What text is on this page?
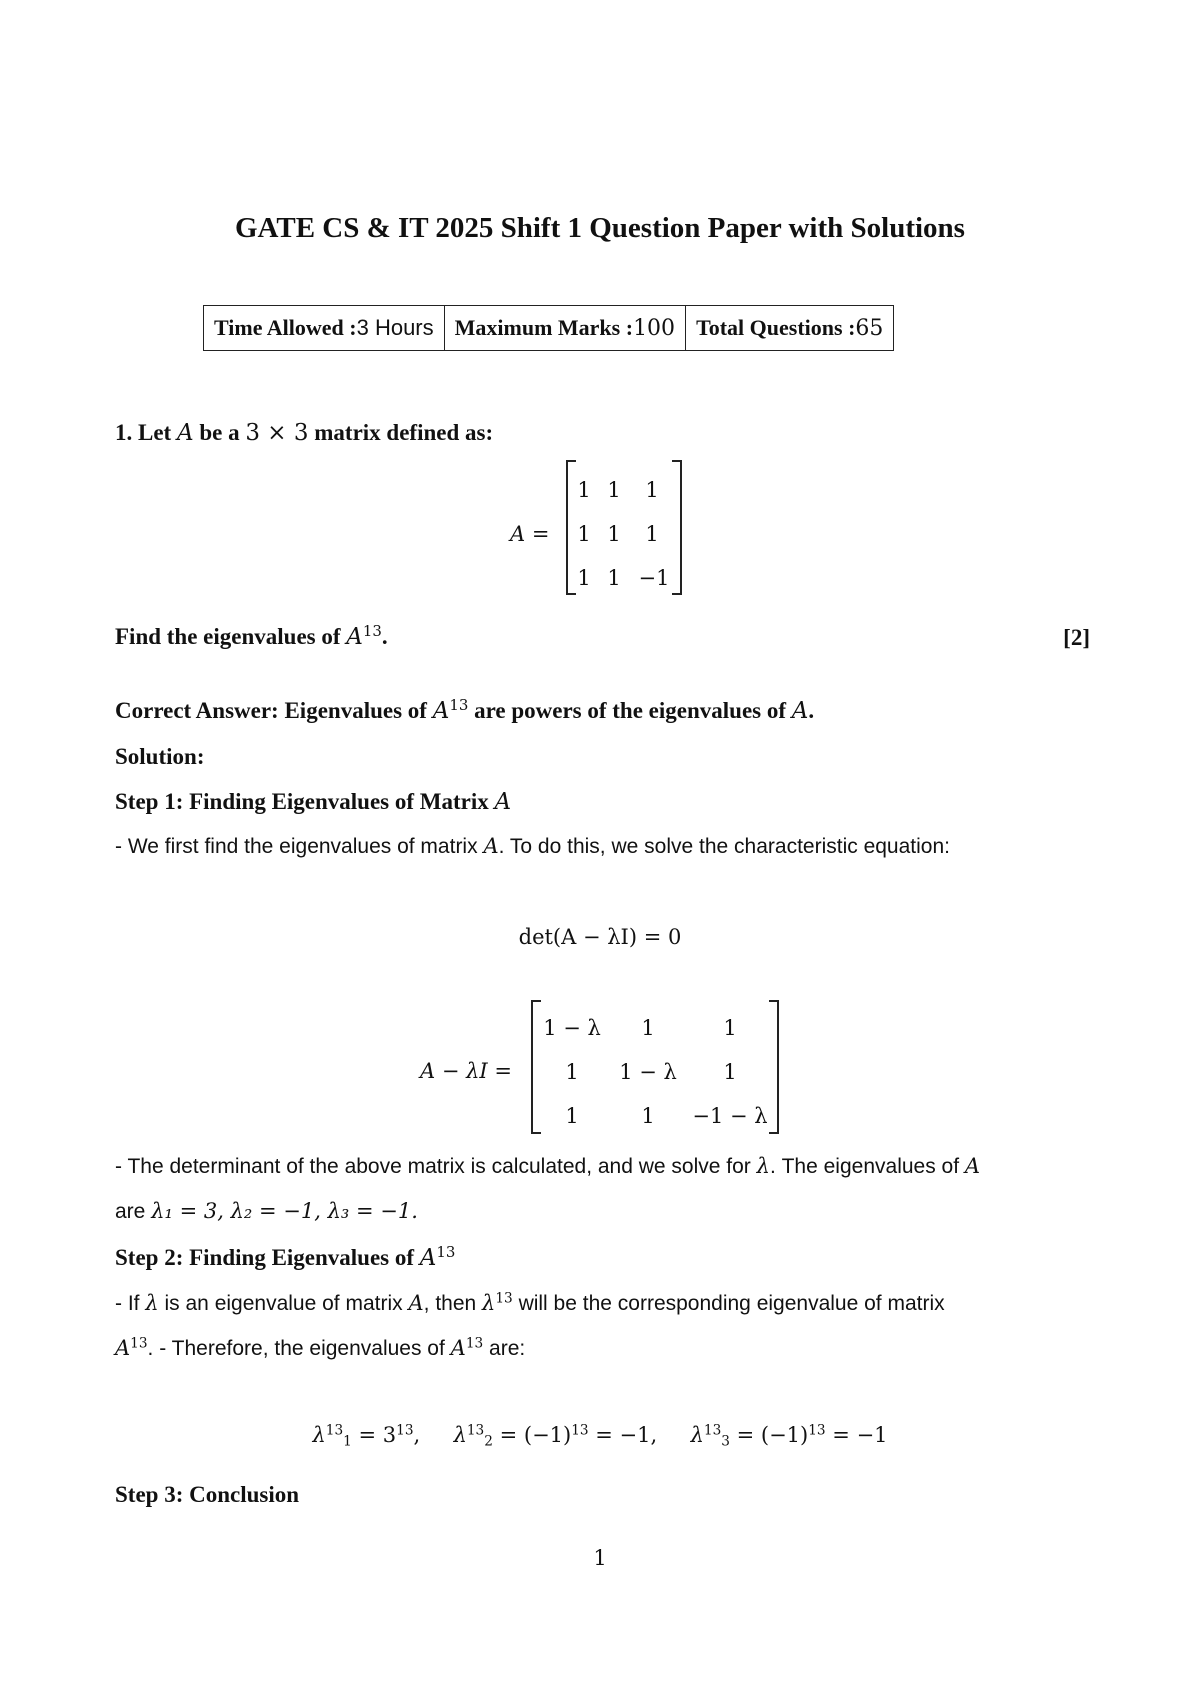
GATE CS & IT 2025 Shift 1 Question Paper with Solutions
Time Allowed :3 Hours	Maximum Marks :100	Total Questions :65
1. Let A be a 3 × 3 matrix defined as:
A =
1 1	1
1 1	1
1 1 −1
Find the eigenvalues of $A^{13}$.	[2]
Correct Answer: Eigenvalues of $A^{13}$ are powers of the eigenvalues of A.
Solution:
Step 1: Finding Eigenvalues of Matrix A
- We first find the eigenvalues of matrix A. To do this, we solve the characteristic equation:
det(A − λI) = 0
A − λI =
1 − λ	1	1
1	1 − λ	1
1	1	−1 − λ
- The determinant of the above matrix is calculated, and we solve for λ. The eigenvalues of A
are λ₁ = 3, λ₂ = −1, λ₃ = −1.
Step 2: Finding Eigenvalues of $A^{13}$
- If λ is an eigenvalue of matrix A, then $\lambda^{13}$ will be the corresponding eigenvalue of matrix
$A^{13}$. - Therefore, the eigenvalues of $A^{13}$ are:
$\lambda^{13}_1 = 3^{13}$,     $\lambda^{13}_2 = (-1)^{13} = -1$, $\lambda^{13}_3 = (-1)^{13} = -1$
Step 3: Conclusion
1
